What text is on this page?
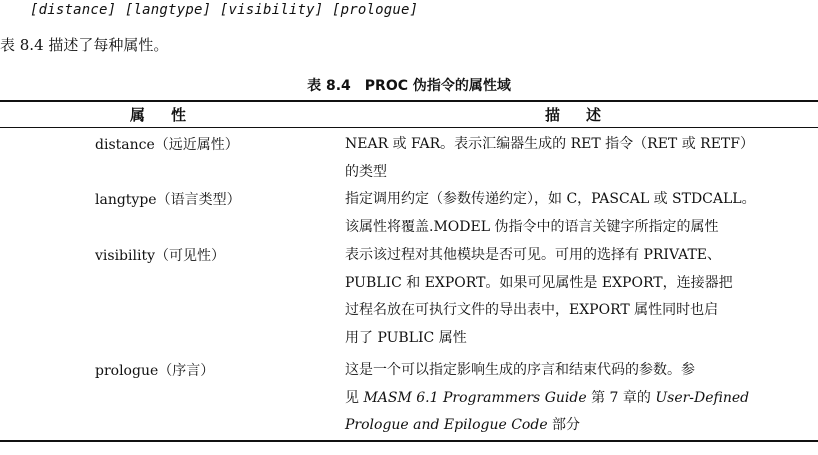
[distance] [langtype] [visibility] [prologue]
表 8.4 描述了每种属性。
表 8.4 PROC 伪指令的属性域
属性	描述
distance（远近属性）	NEAR 或 FAR。表示汇编器生成的 RET 指令（RET 或 RETF）
的类型
langtype（语言类型）	指定调用约定（参数传递约定），如 C，PASCAL 或 STDCALL。
该属性将覆盖.MODEL 伪指令中的语言关键字所指定的属性
visibility（可见性）	表示该过程对其他模块是否可见。可用的选择有 PRIVATE、
PUBLIC 和 EXPORT。如果可见属性是 EXPORT，连接器把
过程名放在可执行文件的导出表中，EXPORT 属性同时也启
用了 PUBLIC 属性
prologue（序言）	这是一个可以指定影响生成的序言和结束代码的参数。参
见 MASM 6.1 Programmers Guide 第 7 章的 User-Defined
Prologue and Epilogue Code 部分
